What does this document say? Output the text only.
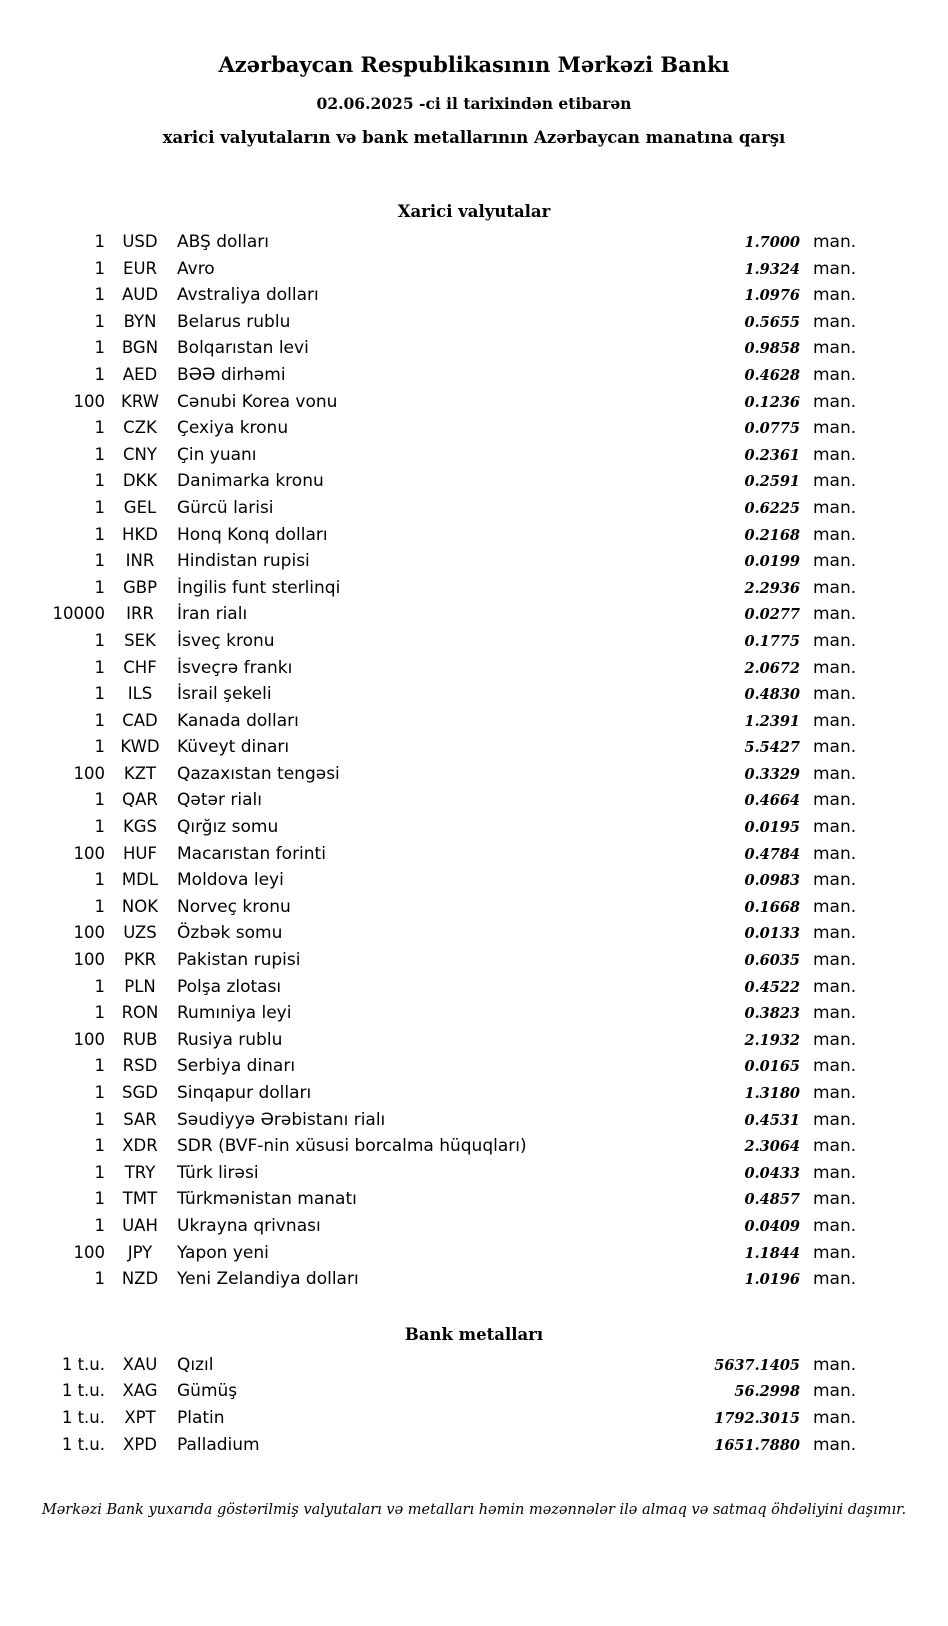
Azərbaycan Respublikasının Mərkəzi Bankı
02.06.2025 -ci il tarixindən etibarən
xarici valyutaların və bank metallarının Azərbaycan manatına qarşı
Xarici valyutalar
1	USD	ABŞ dolları	1.7000 man.
1	EUR	Avro	1.9324 man.
1	AUD	Avstraliya dolları	1.0976 man.
1	BYN	Belarus rublu	0.5655 man.
1	BGN	Bolqarıstan levi	0.9858 man.
1	AED	BƏƏ dirhəmi	0.4628 man.
100 KRW	Cənubi Korea vonu	0.1236 man.
1	CZK	Çexiya kronu	0.0775 man.
1	CNY	Çin yuanı	0.2361 man.
1	DKK	Danimarka kronu	0.2591 man.
1	GEL	Gürcü larisi	0.6225 man.
1	HKD	Honq Konq dolları	0.2168 man.
1	INR	Hindistan rupisi	0.0199 man.
1	GBP	İngilis funt sterlinqi	2.2936 man.
10000	IRR	İran rialı	0.0277 man.
1	SEK	İsveç kronu	0.1775 man.
1	CHF	İsveçrə frankı	2.0672 man.
1	ILS	İsrail şekeli	0.4830 man.
1	CAD	Kanada dolları	1.2391 man.
1 KWD	Küveyt dinarı	5.5427 man.
100	KZT	Qazaxıstan tengəsi	0.3329 man.
1	QAR	Qətər rialı	0.4664 man.
1	KGS	Qırğız somu	0.0195 man.
100	HUF	Macarıstan forinti	0.4784 man.
1	MDL	Moldova leyi	0.0983 man.
1	NOK	Norveç kronu	0.1668 man.
100	UZS	Özbək somu	0.0133 man.
100	PKR	Pakistan rupisi	0.6035 man.
1	PLN	Polşa zlotası	0.4522 man.
1	RON	Rumıniya leyi	0.3823 man.
100	RUB	Rusiya rublu	2.1932 man.
1	RSD	Serbiya dinarı	0.0165 man.
1	SGD	Sinqapur dolları	1.3180 man.
1	SAR	Səudiyyə Ərəbistanı rialı	0.4531 man.
1	XDR	SDR (BVF-nin xüsusi borcalma hüquqları)	2.3064 man.
1	TRY	Türk lirəsi	0.0433 man.
1	TMT	Türkmənistan manatı	0.4857 man.
1	UAH	Ukrayna qrivnası	0.0409 man.
100	JPY	Yapon yeni	1.1844 man.
1	NZD	Yeni Zelandiya dolları	1.0196 man.
Bank metalları
1 t.u.	XAU	Qızıl	5637.1405 man.
1 t.u.	XAG	Gümüş	56.2998 man.
1 t.u.	XPT	Platin	1792.3015 man.
1 t.u.	XPD	Palladium	1651.7880 man.
Mərkəzi Bank yuxarıda göstərilmiş valyutaları və metalları həmin məzənnələr ilə almaq və satmaq öhdəliyini daşımır.
